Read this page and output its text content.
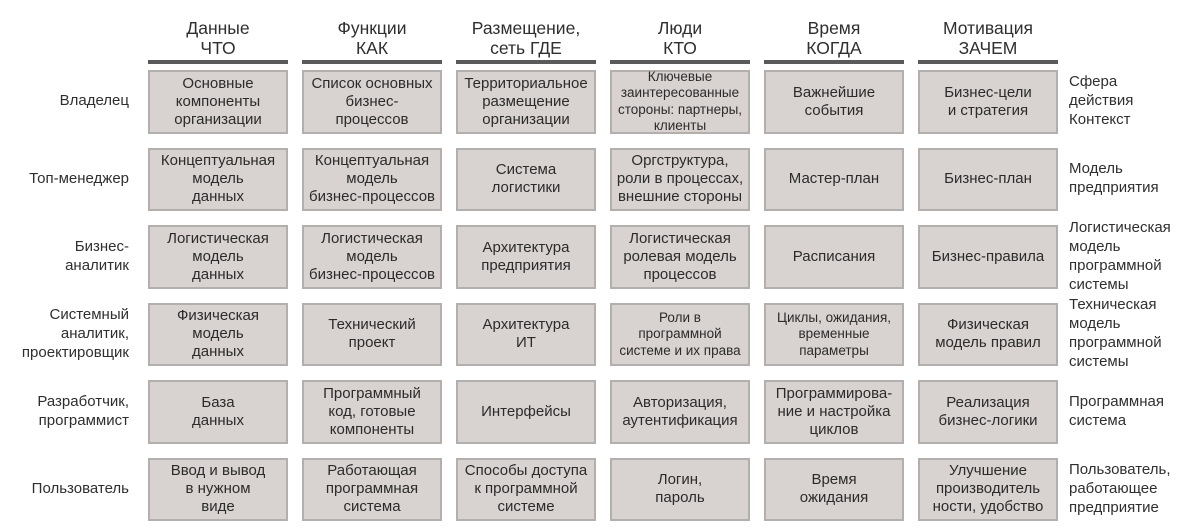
Данные
ЧТО
Функции
КАК
Размещение,
сеть ГДЕ
Люди
КТО
Время
КОГДА
Мотивация
ЗАЧЕМ
Владелец
Основные
компоненты
организации
Список основных
бизнес-
процессов
Территориальное
размещение
организации
Ключевые
заинтересованные
стороны: партнеры,
клиенты
Важнейшие
события
Бизнес-цели
и стратегия
Сфера действия
Контекст
Топ-менеджер
Концептуальная
модель
данных
Концептуальная
модель
бизнес-процессов
Система
логистики
Оргструктура,
роли в процессах,
внешние стороны
Мастер-план	Бизнес-план
Модель
предприятия
Бизнес-
аналитик
Логистическая
модель
данных
Логистическая
модель
бизнес-процессов
Архитектура
предприятия
Логистическая
ролевая модель
процессов
Расписания	Бизнес-правила
Логистическая
модель
программной
системы
Системный
аналитик,
проектировщик
Физическая
модель
данных
Технический
проект
Архитектура
ИТ
Роли в
программной
системе и их права
Циклы, ожидания,
временные
параметры
Физическая
модель правил
Техническая
модель
программной
системы
Разработчик,
программист
База
данных
Программный
код, готовые
компоненты
Интерфейсы
Авторизация,
аутентификация
Программирова-
ние и настройка
циклов
Реализация
бизнес-логики
Программная
система
Пользователь
Ввод и вывод
в нужном
виде
Работающая
программная
система
Способы доступа
к программной
системе
Логин,
пароль
Время
ожидания
Улучшение
производитель
ности, удобство
Пользователь,
работающее
предприятие
